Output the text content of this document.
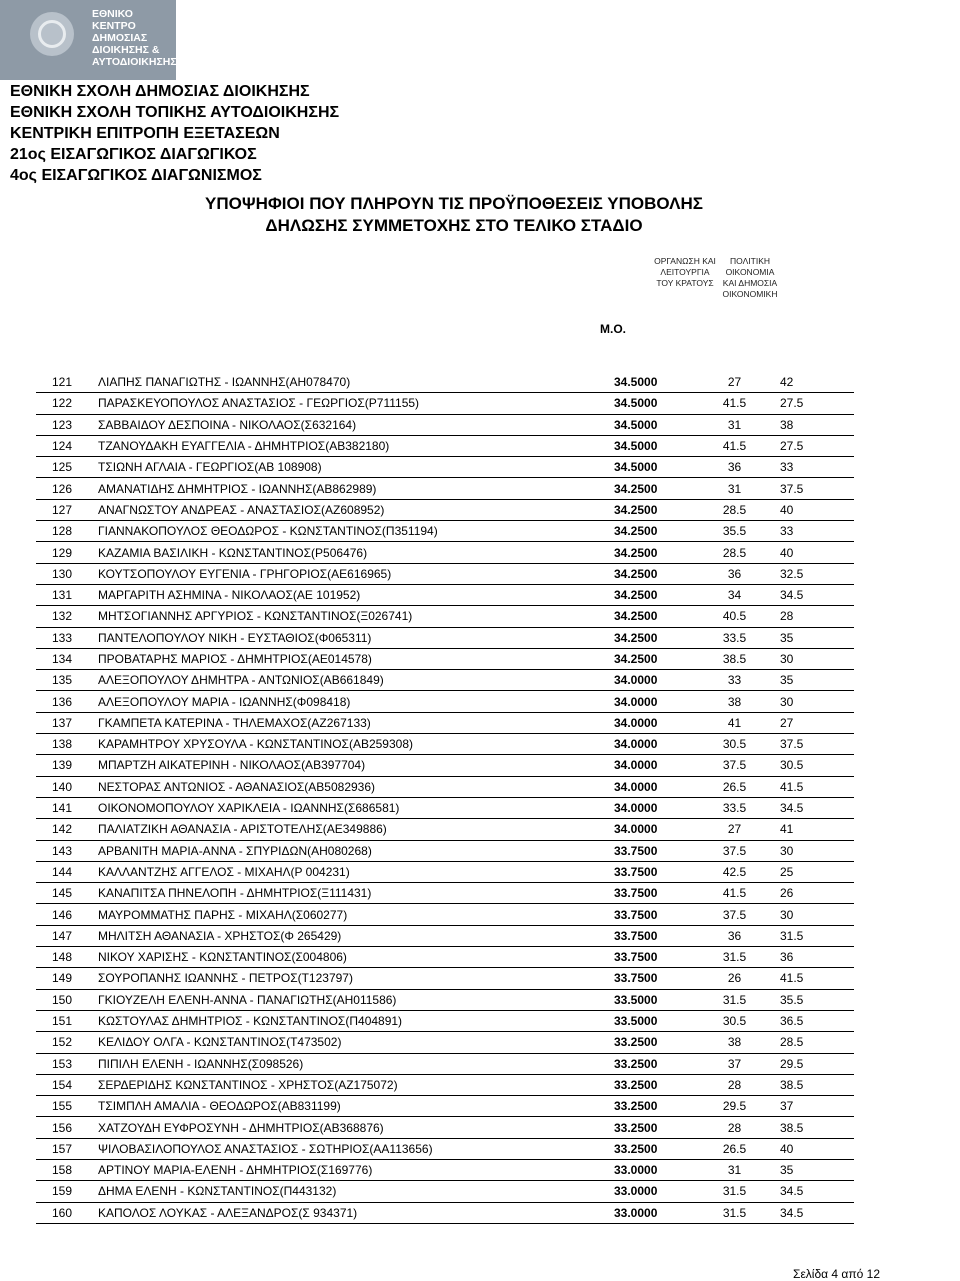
ΕΘΝΙΚΟ
ΚΕΝΤΡΟ
ΔΗΜΟΣΙΑΣ
ΔΙΟΙΚΗΣΗΣ &
ΑΥΤΟΔΙΟΙΚΗΣΗΣ
ΕΘΝΙΚΗ ΣΧΟΛΗ ΔΗΜΟΣΙΑΣ ΔΙΟΙΚΗΣΗΣ
ΕΘΝΙΚΗ ΣΧΟΛΗ ΤΟΠΙΚΗΣ ΑΥΤΟΔΙΟΙΚΗΣΗΣ
ΚΕΝΤΡΙΚΗ ΕΠΙΤΡΟΠΗ ΕΞΕΤΑΣΕΩΝ
21ος ΕΙΣΑΓΩΓΙΚΟΣ ΔΙΑΓΩΓΙΚΟΣ
4ος ΕΙΣΑΓΩΓΙΚΟΣ ΔΙΑΓΩΝΙΣΜΟΣ
ΥΠΟΨΗΦΙΟΙ ΠΟΥ ΠΛΗΡΟΥΝ ΤΙΣ ΠΡΟΫΠΟΘΕΣΕΙΣ ΥΠΟΒΟΛΗΣ
ΔΗΛΩΣΗΣ ΣΥΜΜΕΤΟΧΗΣ ΣΤΟ ΤΕΛΙΚΟ ΣΤΑΔΙΟ
ΟΡΓΑΝΩΣΗ ΚΑΙ
ΛΕΙΤΟΥΡΓΙΑ
ΤΟΥ ΚΡΑΤΟΥΣ
ΠΟΛΙΤΙΚΗ
ΟΙΚΟΝΟΜΙΑ
ΚΑΙ ΔΗΜΟΣΙΑ
ΟΙΚΟΝΟΜΙΚΗ
Μ.Ο.
121	ΛΙΑΠΗΣ ΠΑΝΑΓΙΩΤΗΣ - ΙΩΑΝΝΗΣ(ΑΗ078470)	34.5000	27	42
122	ΠΑΡΑΣΚΕΥΟΠΟΥΛΟΣ ΑΝΑΣΤΑΣΙΟΣ - ΓΕΩΡΓΙΟΣ(Ρ711155)	34.5000	41.5	27.5
123	ΣΑΒΒΑΙΔΟΥ ΔΕΣΠΟΙΝΑ - ΝΙΚΟΛΑΟΣ(Σ632164)	34.5000	31	38
124	ΤΖΑΝΟΥΔΑΚΗ ΕΥΑΓΓΕΛΙΑ - ΔΗΜΗΤΡΙΟΣ(ΑΒ382180)	34.5000	41.5	27.5
125	ΤΣΙΩΝΗ ΑΓΛΑΙΑ - ΓΕΩΡΓΙΟΣ(ΑΒ 108908)	34.5000	36	33
126	ΑΜΑΝΑΤΙΔΗΣ ΔΗΜΗΤΡΙΟΣ - ΙΩΑΝΝΗΣ(ΑΒ862989)	34.2500	31	37.5
127	ΑΝΑΓΝΩΣΤΟΥ ΑΝΔΡΕΑΣ - ΑΝΑΣΤΑΣΙΟΣ(ΑΖ608952)	34.2500	28.5	40
128	ΓΙΑΝΝΑΚΟΠΟΥΛΟΣ ΘΕΟΔΩΡΟΣ - ΚΩΝΣΤΑΝΤΙΝΟΣ(Π351194)	34.2500	35.5	33
129	ΚΑΖΑΜΙΑ ΒΑΣΙΛΙΚΗ - ΚΩΝΣΤΑΝΤΙΝΟΣ(Ρ506476)	34.2500	28.5	40
130	ΚΟΥΤΣΟΠΟΥΛΟΥ ΕΥΓΕΝΙΑ - ΓΡΗΓΟΡΙΟΣ(ΑΕ616965)	34.2500	36	32.5
131	ΜΑΡΓΑΡΙΤΗ ΑΣΗΜΙΝΑ - ΝΙΚΟΛΑΟΣ(ΑΕ 101952)	34.2500	34	34.5
132	ΜΗΤΣΟΓΙΑΝΝΗΣ ΑΡΓΥΡΙΟΣ - ΚΩΝΣΤΑΝΤΙΝΟΣ(Ξ026741)	34.2500	40.5	28
133	ΠΑΝΤΕΛΟΠΟΥΛΟΥ ΝΙΚΗ - ΕΥΣΤΑΘΙΟΣ(Φ065311)	34.2500	33.5	35
134	ΠΡΟΒΑΤΑΡΗΣ ΜΑΡΙΟΣ - ΔΗΜΗΤΡΙΟΣ(ΑΕ014578)	34.2500	38.5	30
135	ΑΛΕΞΟΠΟΥΛΟΥ ΔΗΜΗΤΡΑ - ΑΝΤΩΝΙΟΣ(ΑΒ661849)	34.0000	33	35
136	ΑΛΕΞΟΠΟΥΛΟΥ ΜΑΡΙΑ - ΙΩΑΝΝΗΣ(Φ098418)	34.0000	38	30
137	ΓΚΑΜΠΕΤΑ ΚΑΤΕΡΙΝΑ - ΤΗΛΕΜΑΧΟΣ(ΑΖ267133)	34.0000	41	27
138	ΚΑΡΑΜΗΤΡΟΥ ΧΡΥΣΟΥΛΑ - ΚΩΝΣΤΑΝΤΙΝΟΣ(ΑΒ259308)	34.0000	30.5	37.5
139	ΜΠΑΡΤΖΗ ΑΙΚΑΤΕΡΙΝΗ - ΝΙΚΟΛΑΟΣ(ΑΒ397704)	34.0000	37.5	30.5
140	ΝΕΣΤΟΡΑΣ ΑΝΤΩΝΙΟΣ - ΑΘΑΝΑΣΙΟΣ(ΑΒ5082936)	34.0000	26.5	41.5
141	ΟΙΚΟΝΟΜΟΠΟΥΛΟΥ ΧΑΡΙΚΛΕΙΑ - ΙΩΑΝΝΗΣ(Σ686581)	34.0000	33.5	34.5
142	ΠΑΛΙΑΤΖΙΚΗ ΑΘΑΝΑΣΙΑ - ΑΡΙΣΤΟΤΕΛΗΣ(ΑΕ349886)	34.0000	27	41
143	ΑΡΒΑΝΙΤΗ ΜΑΡΙΑ-ΑΝΝΑ - ΣΠΥΡΙΔΩΝ(ΑΗ080268)	33.7500	37.5	30
144	ΚΑΛΛΑΝΤΖΗΣ ΑΓΓΕΛΟΣ - ΜΙΧΑΗΛ(Ρ 004231)	33.7500	42.5	25
145	ΚΑΝΑΠΙΤΣΑ ΠΗΝΕΛΟΠΗ - ΔΗΜΗΤΡΙΟΣ(Ξ111431)	33.7500	41.5	26
146	ΜΑΥΡΟΜΜΑΤΗΣ ΠΑΡΗΣ - ΜΙΧΑΗΛ(Σ060277)	33.7500	37.5	30
147	ΜΗΛΙΤΣΗ ΑΘΑΝΑΣΙΑ - ΧΡΗΣΤΟΣ(Φ 265429)	33.7500	36	31.5
148	ΝΙΚΟΥ ΧΑΡΙΣΗΣ - ΚΩΝΣΤΑΝΤΙΝΟΣ(Σ004806)	33.7500	31.5	36
149	ΣΟΥΡΟΠΑΝΗΣ ΙΩΑΝΝΗΣ - ΠΕΤΡΟΣ(Τ123797)	33.7500	26	41.5
150	ΓΚΙΟΥΖΕΛΗ ΕΛΕΝΗ-ΑΝΝΑ - ΠΑΝΑΓΙΩΤΗΣ(ΑΗ011586)	33.5000	31.5	35.5
151	ΚΩΣΤΟΥΛΑΣ ΔΗΜΗΤΡΙΟΣ - ΚΩΝΣΤΑΝΤΙΝΟΣ(Π404891)	33.5000	30.5	36.5
152	ΚΕΛΙΔΟΥ ΟΛΓΑ - ΚΩΝΣΤΑΝΤΙΝΟΣ(Τ473502)	33.2500	38	28.5
153	ΠΙΠΙΛΗ ΕΛΕΝΗ - ΙΩΑΝΝΗΣ(Σ098526)	33.2500	37	29.5
154	ΣΕΡΔΕΡΙΔΗΣ ΚΩΝΣΤΑΝΤΙΝΟΣ - ΧΡΗΣΤΟΣ(ΑΖ175072)	33.2500	28	38.5
155	ΤΣΙΜΠΛΗ ΑΜΑΛΙΑ - ΘΕΟΔΩΡΟΣ(ΑΒ831199)	33.2500	29.5	37
156	ΧΑΤΖΟΥΔΗ ΕΥΦΡΟΣΥΝΗ - ΔΗΜΗΤΡΙΟΣ(ΑΒ368876)	33.2500	28	38.5
157	ΨΙΛΟΒΑΣΙΛΟΠΟΥΛΟΣ ΑΝΑΣΤΑΣΙΟΣ - ΣΩΤΗΡΙΟΣ(ΑΑ113656)	33.2500	26.5	40
158	ΑΡΤΙΝΟΥ ΜΑΡΙΑ-ΕΛΕΝΗ - ΔΗΜΗΤΡΙΟΣ(Σ169776)	33.0000	31	35
159	ΔΗΜΑ ΕΛΕΝΗ - ΚΩΝΣΤΑΝΤΙΝΟΣ(Π443132)	33.0000	31.5	34.5
160	ΚΑΠΟΛΟΣ ΛΟΥΚΑΣ - ΑΛΕΞΑΝΔΡΟΣ(Σ 934371)	33.0000	31.5	34.5
Σελίδα 4 από 12
